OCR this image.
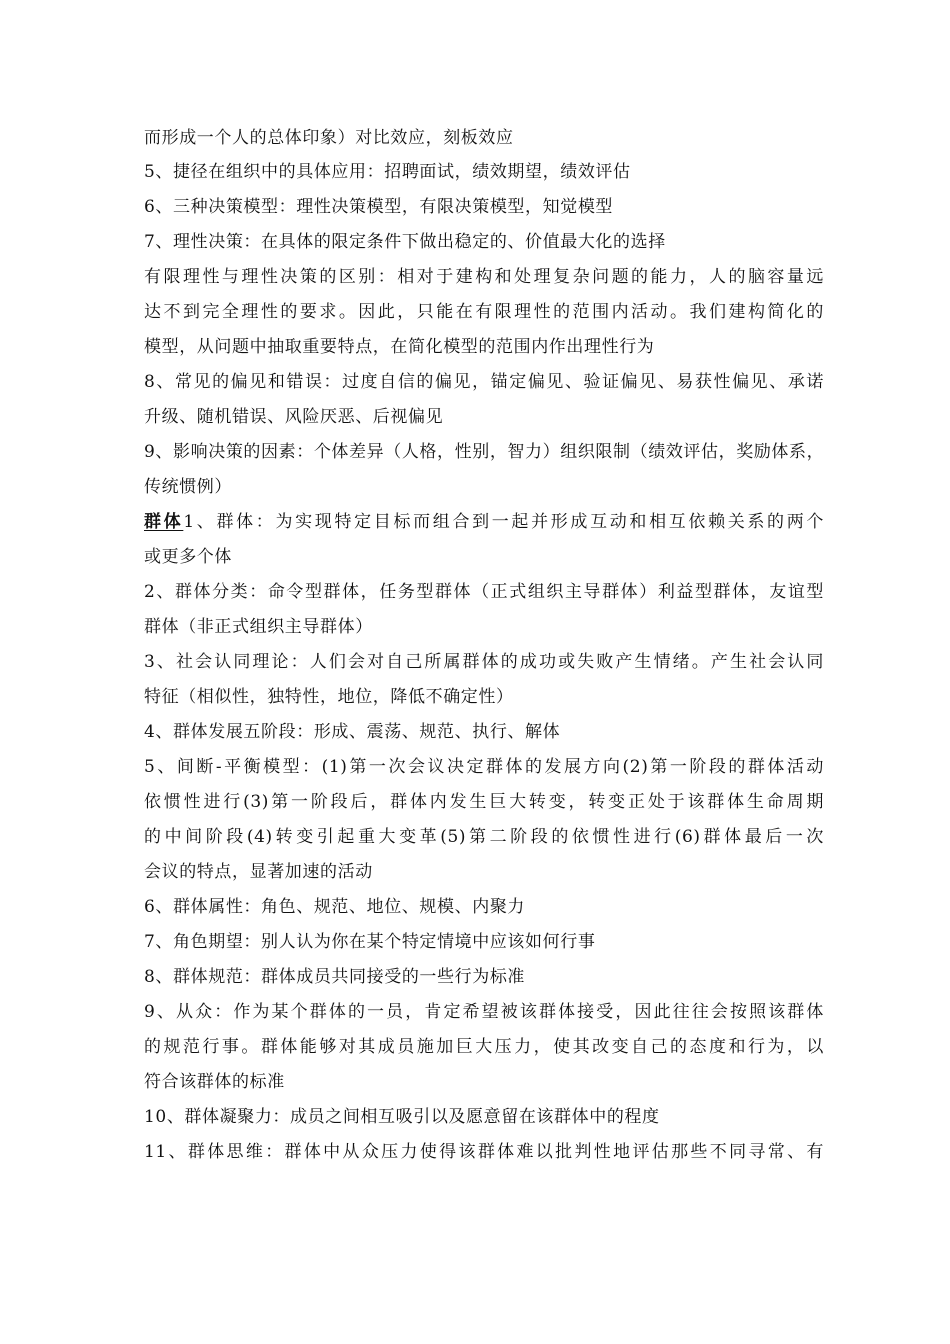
而形成一个人的总体印象）对比效应，刻板效应

5、捷径在组织中的具体应用：招聘面试，绩效期望，绩效评估

6、三种决策模型：理性决策模型，有限决策模型，知觉模型

7、理性决策：在具体的限定条件下做出稳定的、价值最大化的选择

有限理性与理性决策的区别：相对于建构和处理复杂问题的能力，人的脑容量远

达不到完全理性的要求。因此，只能在有限理性的范围内活动。我们建构简化的

模型，从问题中抽取重要特点，在简化模型的范围内作出理性行为

8、常见的偏见和错误：过度自信的偏见，锚定偏见、验证偏见、易获性偏见、承诺

升级、随机错误、风险厌恶、后视偏见

9、影响决策的因素：个体差异（人格，性别，智力）组织限制（绩效评估，奖励体系，

传统惯例）

群体1、群体：为实现特定目标而组合到一起并形成互动和相互依赖关系的两个

或更多个体

2、群体分类：命令型群体，任务型群体（正式组织主导群体）利益型群体，友谊型

群体（非正式组织主导群体）

3、社会认同理论：人们会对自己所属群体的成功或失败产生情绪。产生社会认同

特征（相似性，独特性，地位，降低不确定性）

4、群体发展五阶段：形成、震荡、规范、执行、解体

5、间断-平衡模型：(1)第一次会议决定群体的发展方向(2)第一阶段的群体活动

依惯性进行(3)第一阶段后，群体内发生巨大转变，转变正处于该群体生命周期

的中间阶段(4)转变引起重大变革(5)第二阶段的依惯性进行(6)群体最后一次

会议的特点，显著加速的活动

6、群体属性：角色、规范、地位、规模、内聚力

7、角色期望：别人认为你在某个特定情境中应该如何行事

8、群体规范：群体成员共同接受的一些行为标准

9、从众：作为某个群体的一员，肯定希望被该群体接受，因此往往会按照该群体

的规范行事。群体能够对其成员施加巨大压力，使其改变自己的态度和行为，以

符合该群体的标准

10、群体凝聚力：成员之间相互吸引以及愿意留在该群体中的程度

11、群体思维：群体中从众压力使得该群体难以批判性地评估那些不同寻常、有
